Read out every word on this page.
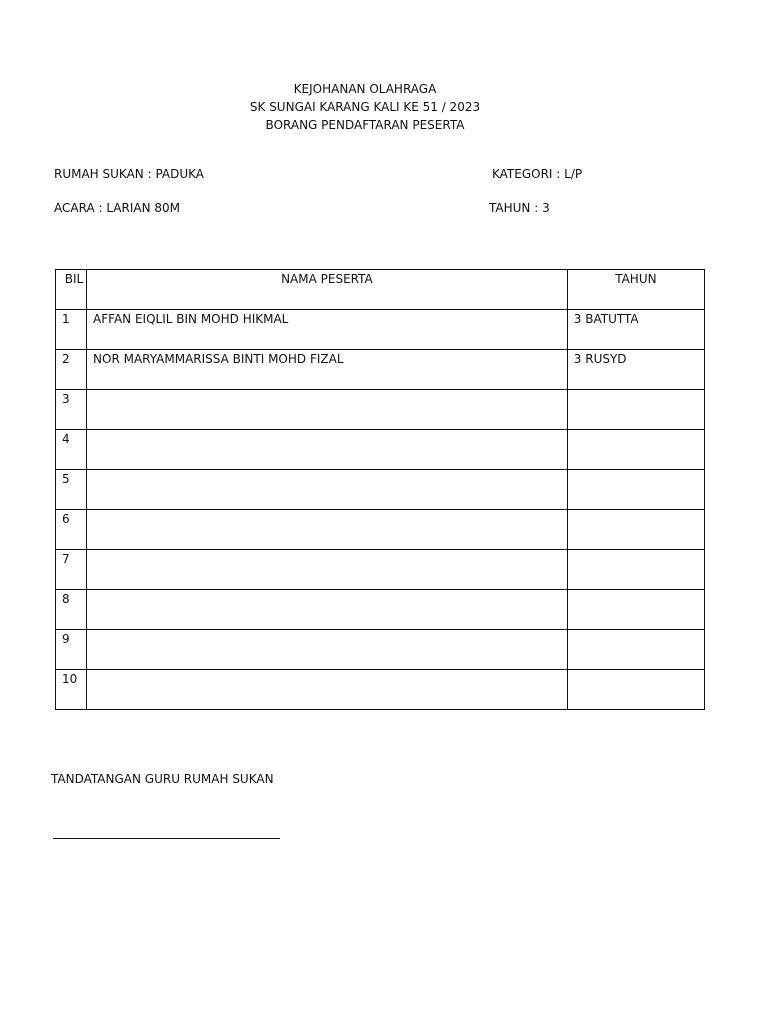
KEJOHANAN OLAHRAGA
SK SUNGAI KARANG KALI KE 51 / 2023
BORANG PENDAFTARAN PESERTA
RUMAH SUKAN : PADUKA	KATEGORI : L/P
ACARA : LARIAN 80M	TAHUN : 3
BIL	NAMA PESERTA	TAHUN

1	AFFAN EIQLIL BIN MOHD HIKMAL	3 BATUTTA

2	NOR MARYAMMARISSA BINTI MOHD FIZAL	3 RUSYD

3		

4		

5		

6		

7		

8		

9		

10		

TANDATANGAN GURU RUMAH SUKAN
